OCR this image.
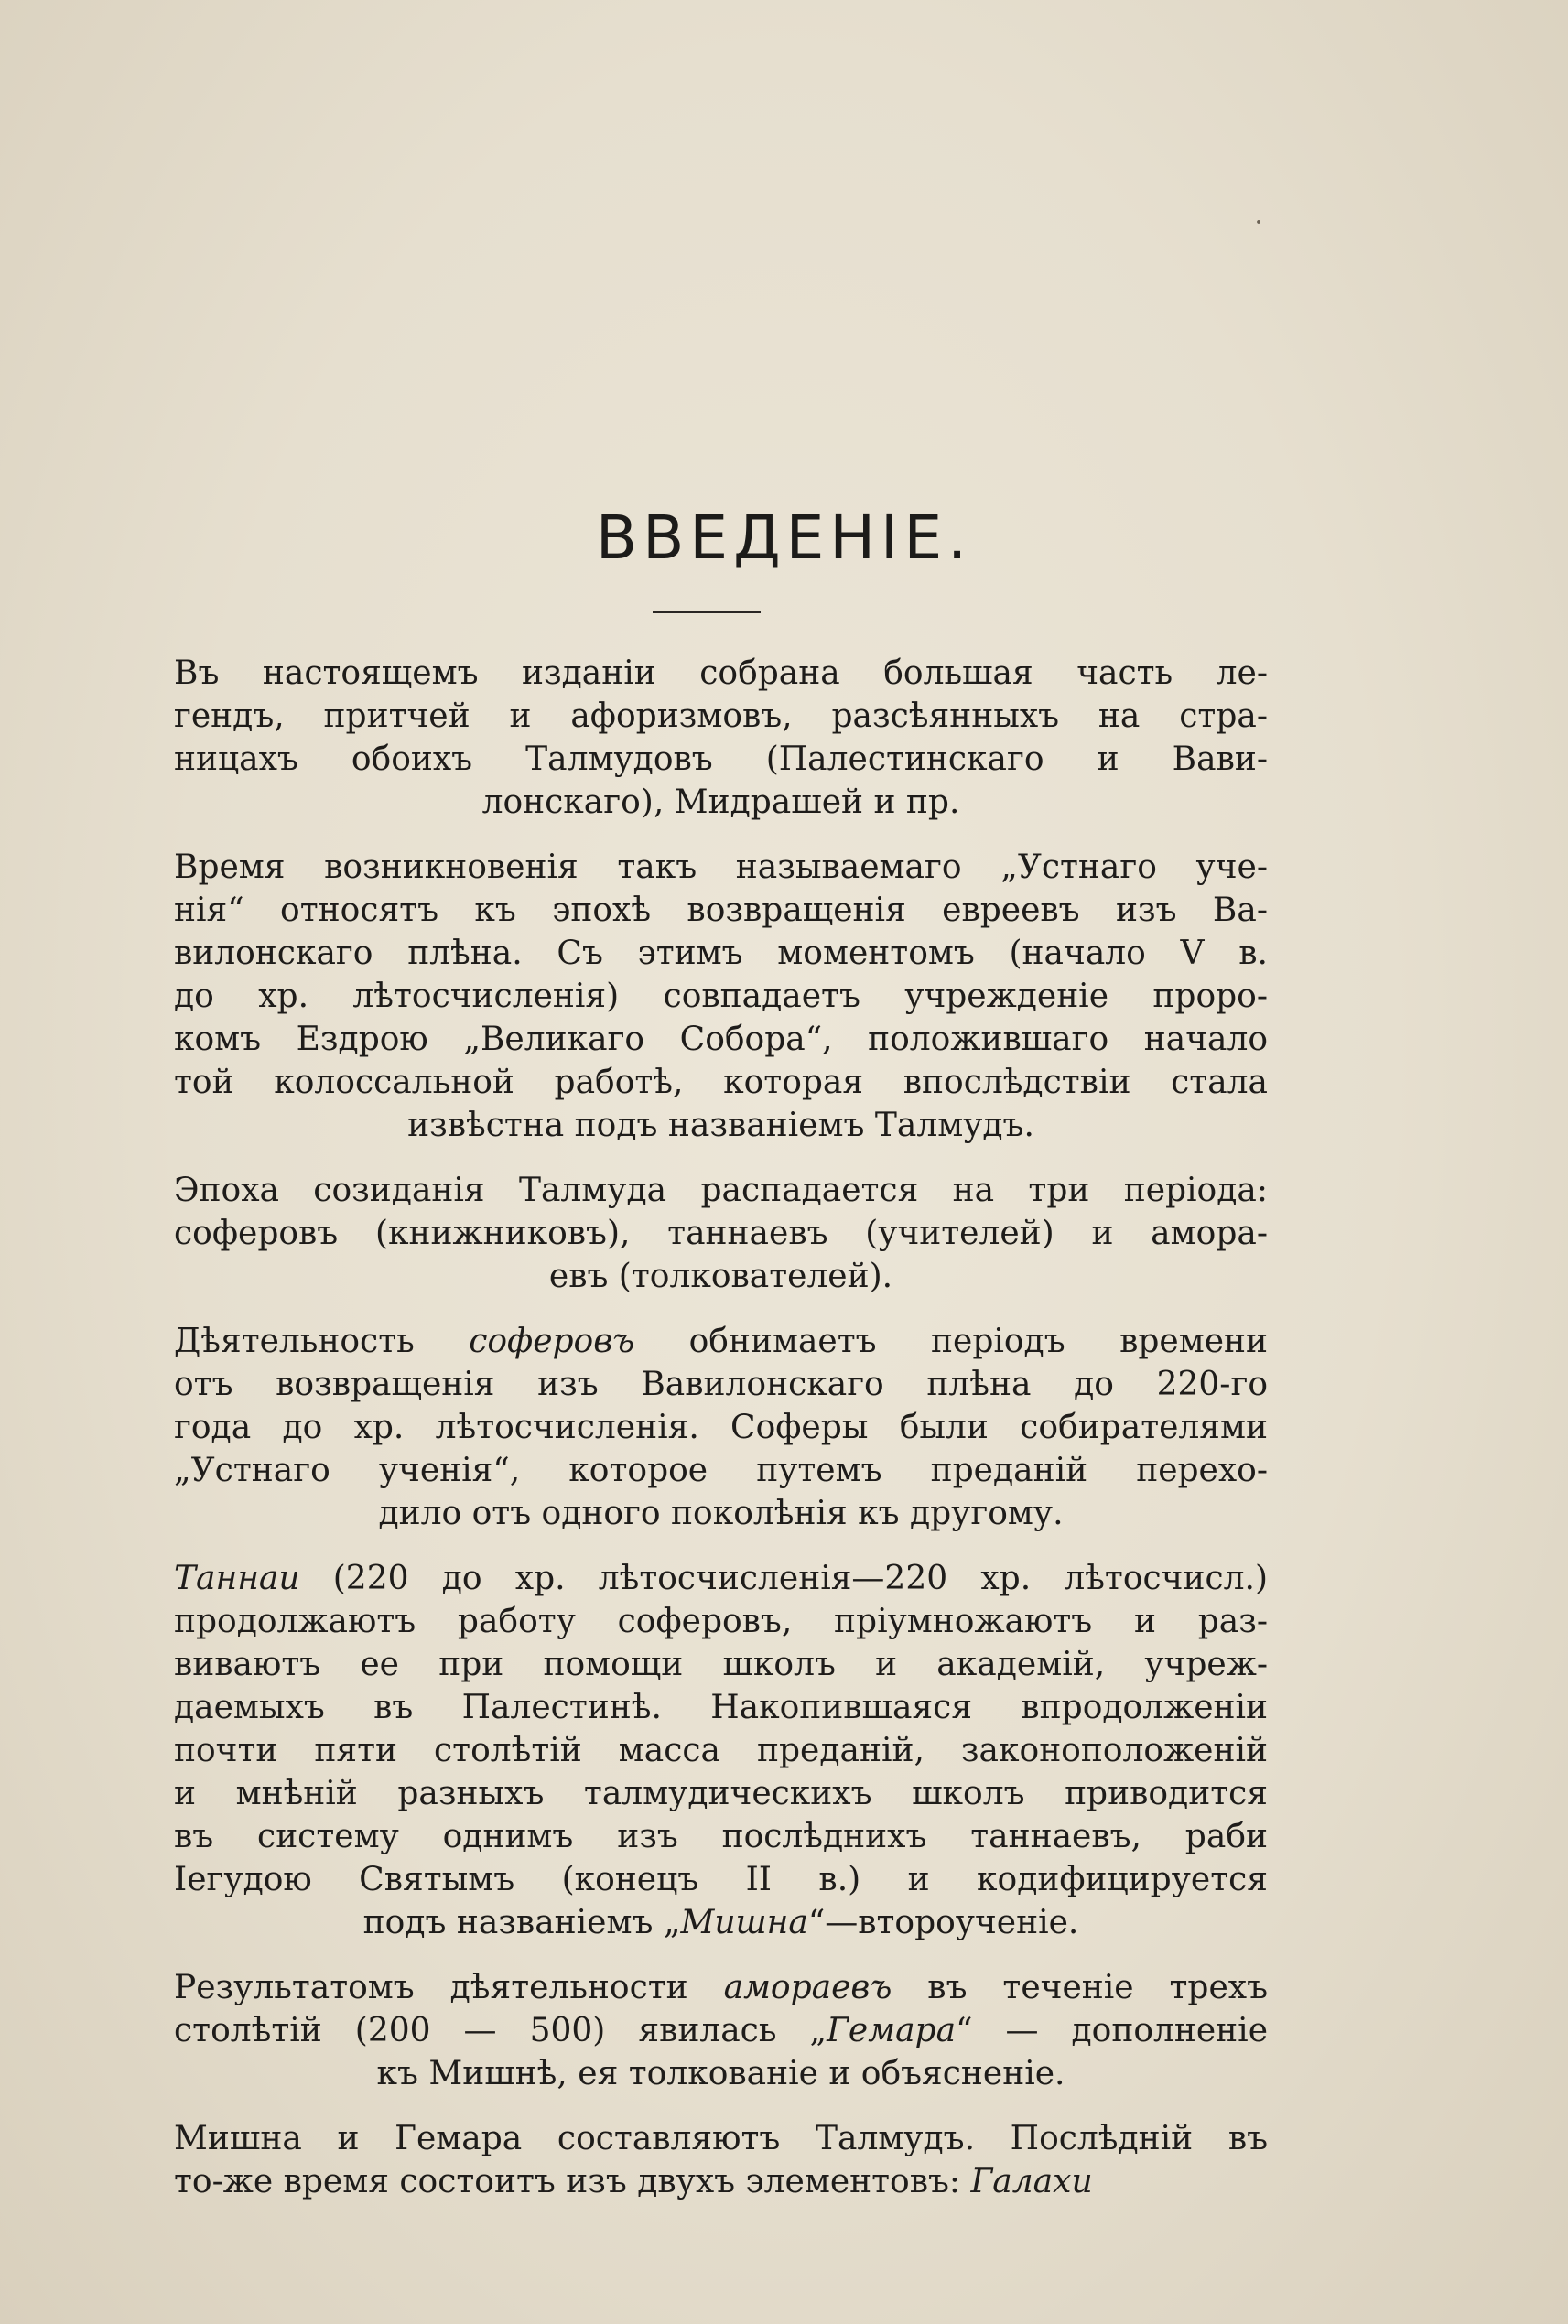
ВВЕДЕНІЕ.

Въ настоящемъ изданіи собрана большая часть ле-
гендъ, притчей и афоризмовъ, разсѣянныхъ на стра-
ницахъ обоихъ Талмудовъ (Палестинскаго и Вави-
лонскаго), Мидрашей и пр.

Время возникновенія такъ называемаго „Устнаго уче-
нія“ относятъ къ эпохѣ возвращенія евреевъ изъ Ва-
вилонскаго плѣна. Съ этимъ моментомъ (начало V в.
до хр. лѣтосчисленія) совпадаетъ учрежденіе проро-
комъ Ездрою „Великаго Собора“, положившаго начало
той колоссальной работѣ, которая впослѣдствіи стала
извѣстна подъ названіемъ Талмудъ.

Эпоха созиданія Талмуда распадается на три періода:
соферовъ (книжниковъ), таннаевъ (учителей) и амора-
евъ (толкователей).

Дѣятельность соферовъ обнимаетъ періодъ времени
отъ возвращенія изъ Вавилонскаго плѣна до 220-го
года до хр. лѣтосчисленія. Соферы были собирателями
„Устнаго ученія“, которое путемъ преданій перехо-
дило отъ одного поколѣнія къ другому.

Таннаи (220 до хр. лѣтосчисленія—220 хр. лѣтосчисл.)
продолжаютъ работу соферовъ, пріумножаютъ и раз-
виваютъ ее при помощи школъ и академій, учреж-
даемыхъ въ Палестинѣ. Накопившаяся впродолженіи
почти пяти столѣтій масса преданій, законоположеній
и мнѣній разныхъ талмудическихъ школъ приводится
въ систему однимъ изъ послѣднихъ таннаевъ, раби
Іегудою Святымъ (конецъ II в.) и кодифицируется
подъ названіемъ „Мишна“—второученіе.

Результатомъ дѣятельности амораевъ въ теченіе трехъ
столѣтій (200 — 500) явилась „Гемара“ — дополненіе
къ Мишнѣ, ея толкованіе и объясненіе.

Мишна и Гемара составляютъ Талмудъ. Послѣдній въ
то-же время состоитъ изъ двухъ элементовъ: Галахи
